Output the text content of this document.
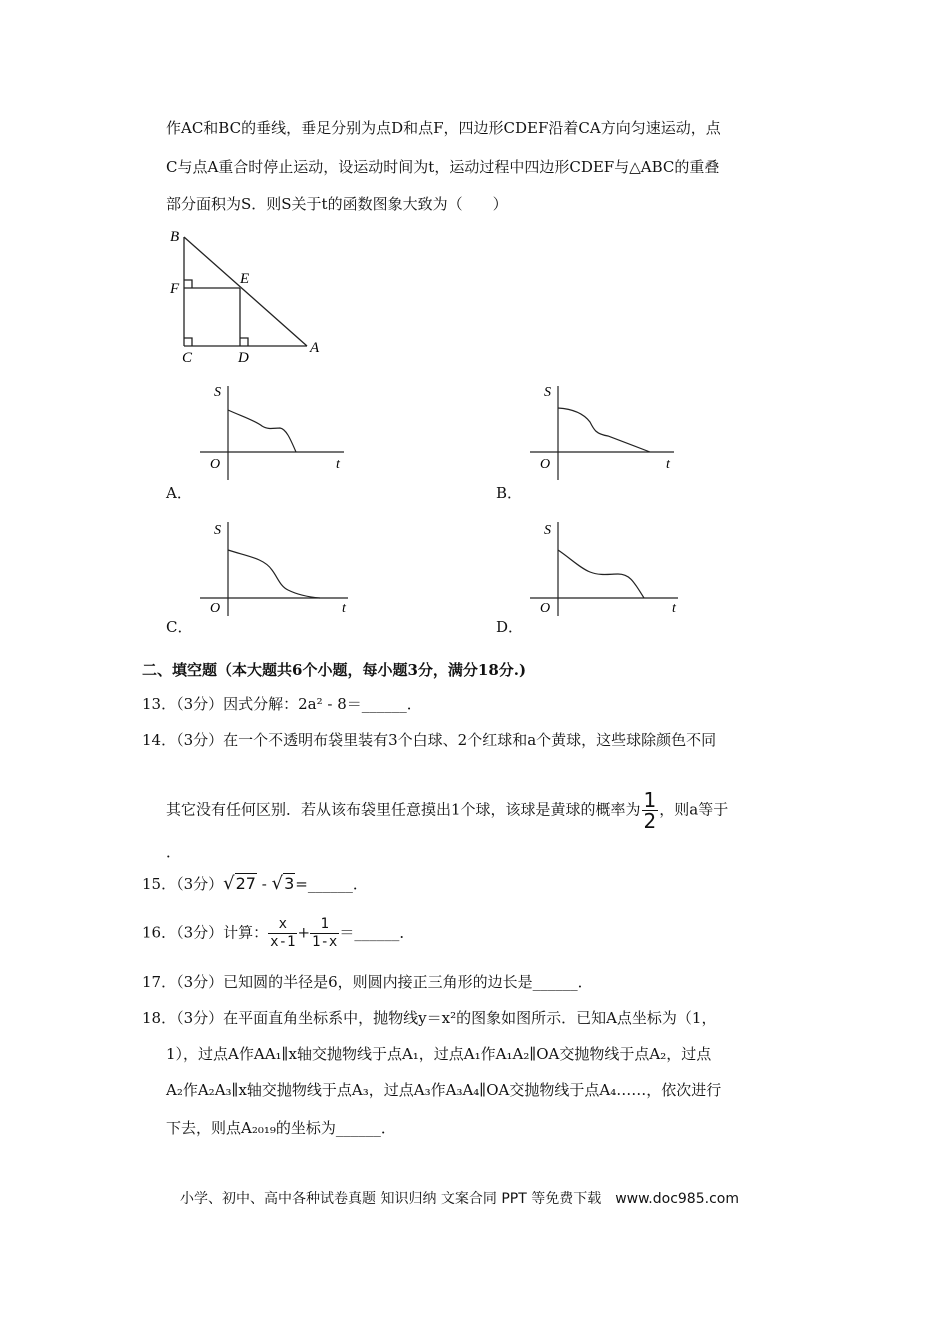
作AC和BC的垂线，垂足分别为点D和点F，四边形CDEF沿着CA方向匀速运动，点
C与点A重合时停止运动，设运动时间为t，运动过程中四边形CDEF与△ABC的重叠
部分面积为S．则S关于t的函数图象大致为（　　）
B
E
F
C	D
A
S
O	t
A．
S
O	t
B．
S
O	t
C．
S
O	t
D．
二、填空题（本大题共6个小题，每小题3分，满分18分.)
13．（3分）因式分解：2a² - 8＝______．
14．（3分）在一个不透明布袋里装有3个白球、2个红球和a个黄球，这些球除颜色不同
其它没有任何区别．若从该布袋里任意摸出1个球，该球是黄球的概率为 $\frac{1}{2}$ ，则a等于
．
15．（3分）√27 - √3=______．
16．（3分）计算： $\frac{x}{x-1} + \frac{1}{1-x}$ ＝______．
17．（3分）已知圆的半径是6，则圆内接正三角形的边长是______．
18．（3分）在平面直角坐标系中，抛物线y＝x²的图象如图所示．已知A点坐标为（1，
1），过点A作AA₁∥x轴交抛物线于点A₁，过点A₁作A₁A₂∥OA交抛物线于点A₂，过点
A₂作A₂A₃∥x轴交抛物线于点A₃，过点A₃作A₃A₄∥OA交抛物线于点A₄……，依次进行
下去，则点A₂₀₁₉的坐标为______．
小学、初中、高中各种试卷真题 知识归纳 文案合同 PPT 等免费下载　www.doc985.com
